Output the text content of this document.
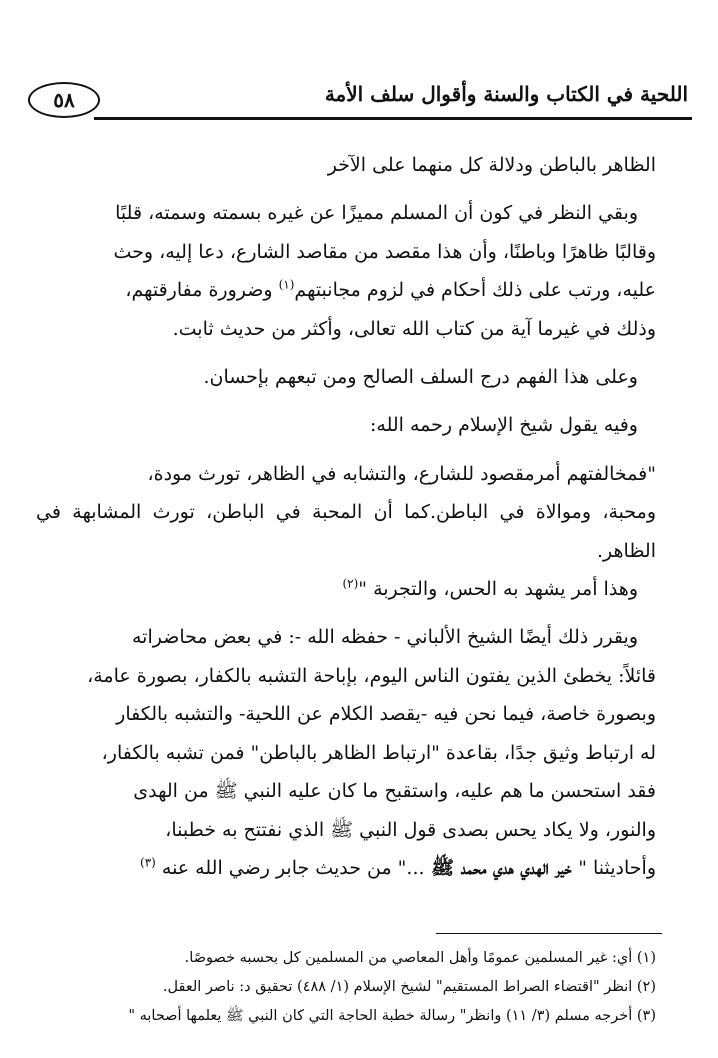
٥٨	اللحية في الكتاب والسنة وأقوال سلف الأمة

الظاهر بالباطن ودلالة كل منهما على الآخر

وبقي النظر في كون أن المسلم مميزًا عن غيره بسمته وسمته، قلبًا

وقالبًا ظاهرًا وباطنًا، وأن هذا مقصد من مقاصد الشارع، دعا إليه، وحث

عليه، ورتب على ذلك أحكام في لزوم مجانبتهم$^{(١)}$ وضرورة مفارقتهم،

وذلك في غيرما آية من كتاب الله تعالى، وأكثر من حديث ثابت.

وعلى هذا الفهم درج السلف الصالح ومن تبعهم بإحسان.

وفيه يقول شيخ الإسلام رحمه الله:

"فمخالفتهم أمرمقصود للشارع، والتشابه في الظاهر، تورث مودة،

ومحبة، وموالاة في الباطن.كما أن المحبة في الباطن، تورث المشابهة في الظاهر.

وهذا أمر يشهد به الحس، والتجربة "$^{(٢)}$

ويقرر ذلك أيضًا الشيخ الألباني - حفظه الله -: في بعض محاضراته

قائلاً: يخطئ الذين يفتون الناس اليوم، بإباحة التشبه بالكفار، بصورة عامة،

وبصورة خاصة، فيما نحن فيه -يقصد الكلام عن اللحية- والتشبه بالكفار

له ارتباط وثيق جدًا، بقاعدة "ارتباط الظاهر بالباطن" فمن تشبه بالكفار،

فقد استحسن ما هم عليه، واستقبح ما كان عليه النبي ﷺ من الهدى

والنور، ولا يكاد يحس بصدى قول النبي ﷺ الذي نفتتح به خطبنا،

وأحاديثنا " خير الهدي هدي محمد ﷺ ..." من حديث جابر رضي الله عنه $^{(٣)}$

(١) أي: غير المسلمين عمومًا وأهل المعاصي من المسلمين كل بحسبه خصوصًا.

(٢) انظر "اقتضاء الصراط المستقيم" لشيخ الإسلام (١/ ٤٨٨) تحقيق د: ناصر العقل.

(٣) أخرجه مسلم (٣/ ١١) وانظر" رسالة خطبة الحاجة التي كان النبي ﷺ يعلمها أصحابه "
